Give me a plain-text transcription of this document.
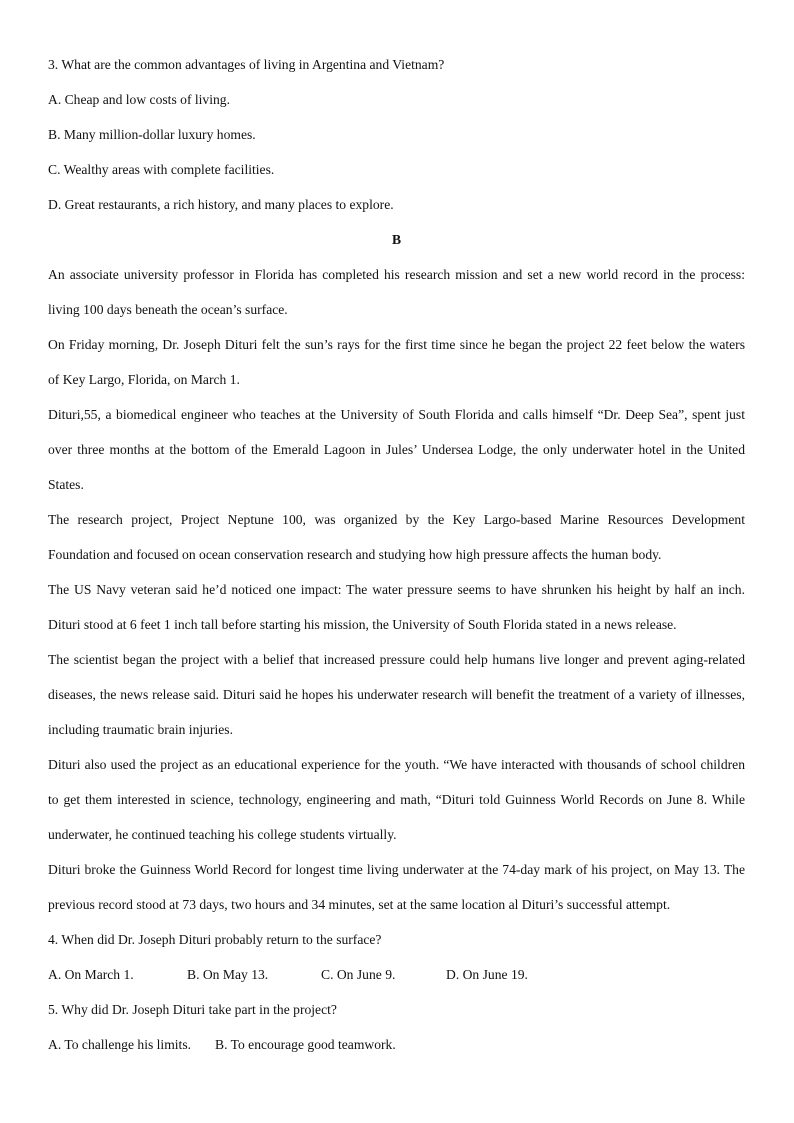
3. What are the common advantages of living in Argentina and Vietnam?
A. Cheap and low costs of living.
B. Many million-dollar luxury homes.
C. Wealthy areas with complete facilities.
D. Great restaurants, a rich history, and many places to explore.
B
An associate university professor in Florida has completed his research mission and set a new world record in the process:
living 100 days beneath the ocean’s surface.
On Friday morning, Dr. Joseph Dituri felt the sun’s rays for the first time since he began the project 22 feet below the waters
of Key Largo, Florida, on March 1.
Dituri,55, a biomedical engineer who teaches at the University of South Florida and calls himself “Dr. Deep Sea”, spent just
over three months at the bottom of the Emerald Lagoon in Jules’ Undersea Lodge, the only underwater hotel in the United
States.
The research project, Project Neptune 100, was organized by the Key Largo-based Marine Resources Development
Foundation and focused on ocean conservation research and studying how high pressure affects the human body.
The US Navy veteran said he’d noticed one impact: The water pressure seems to have shrunken his height by half an inch.
Dituri stood at 6 feet 1 inch tall before starting his mission, the University of South Florida stated in a news release.
The scientist began the project with a belief that increased pressure could help humans live longer and prevent aging-related
diseases, the news release said. Dituri said he hopes his underwater research will benefit the treatment of a variety of illnesses,
including traumatic brain injuries.
Dituri also used the project as an educational experience for the youth. “We have interacted with thousands of school children
to get them interested in science, technology, engineering and math, “Dituri told Guinness World Records on June 8. While
underwater, he continued teaching his college students virtually.
Dituri broke the Guinness World Record for longest time living underwater at the 74-day mark of his project, on May 13. The
previous record stood at 73 days, two hours and 34 minutes, set at the same location al Dituri’s successful attempt.
4. When did Dr. Joseph Dituri probably return to the surface?
A. On March 1.	B. On May 13.	C. On June 9.	D. On June 19.
5. Why did Dr. Joseph Dituri take part in the project?
A. To challenge his limits.	B. To encourage good teamwork.
